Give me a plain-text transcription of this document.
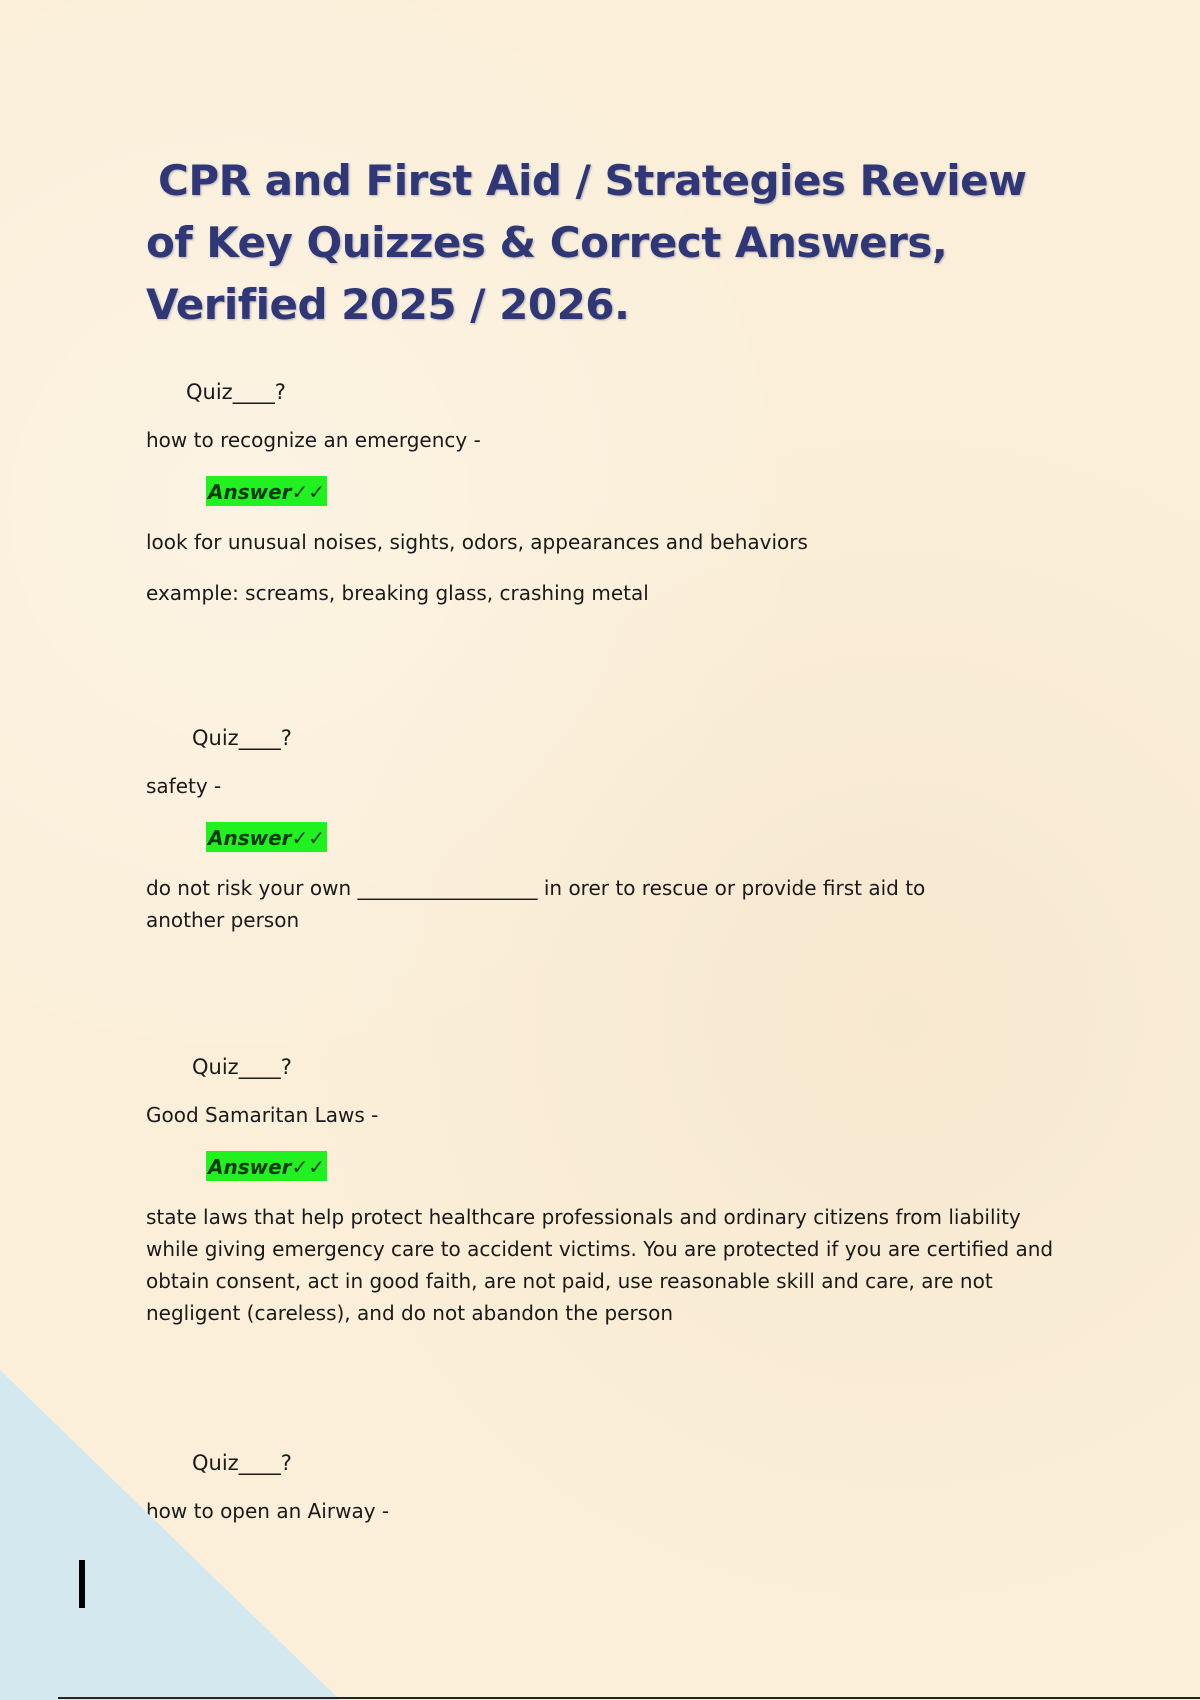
CPR and First Aid / Strategies Review
of Key Quizzes & Correct Answers,
Verified 2025 / 2026.
Quiz____?
how to recognize an emergency -
Answer✓✓

look for unusual noises, sights, odors, appearances and behaviors

example: screams, breaking glass, crashing metal

Quiz____?
safety -
Answer✓✓

do not risk your own __________________ in orer to rescue or provide first aid to another person

Quiz____?
Good Samaritan Laws -
Answer✓✓

state laws that help protect healthcare professionals and ordinary citizens from liability while giving emergency care to accident victims. You are protected if you are certified and obtain consent, act in good faith, are not paid, use reasonable skill and care, are not negligent (careless), and do not abandon the person

Quiz____?
how to open an Airway -
